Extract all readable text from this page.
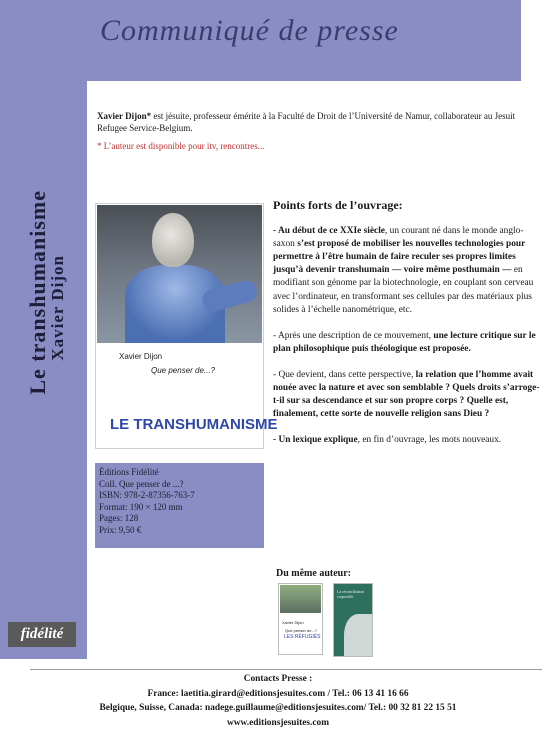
Communiqué de presse
Le transhumanisme
Xavier Dijon
fidélité
Xavier Dijon* est jésuite, professeur émérite à la Faculté de Droit de l’Université de Namur, collaborateur au Jesuit Refugee Service-Belgium.
* L’auteur est disponible pour itv, rencontres...
Xavier Dijon
Que penser de...?
LE TRANSHUMANISME
Éditions Fidélité
Coll. Que penser de ...?
ISBN: 978-2-87356-763-7
Format: 190 × 120 mm
Pages: 128
Prix: 9,50 €
Points forts de l’ouvrage:

- Au début de ce XXIe siècle, un courant né dans le monde anglo-saxon s’est proposé de mobiliser les nouvelles technologies pour permettre à l’être humain de faire reculer ses propres limites jusqu’à devenir transhumain — voire même posthumain — en modifiant son génome par la biotechnologie, en couplant son cerveau avec l’ordinateur, en transformant ses cellules par des matériaux plus solides à l’échelle nanométrique, etc.

- Après une description de ce mouvement, une lecture critique sur le plan philosophique puis théologique est proposée.

- Que devient, dans cette perspective, la relation que l’homme avait nouée avec la nature et avec son semblable ? Quels droits s’arroge-t-il sur sa descendance et sur son propre corps ? Quelle est, finalement, cette sorte de nouvelle religion sans Dieu ?

- Un lexique explique, en fin d’ouvrage, les mots nouveaux.

Du même auteur:
Xavier Dijon
Que penser de...?
LES RÉFUGIÉS
La réconciliation corporelle
Contacts Presse :
France: laetitia.girard@editionsjesuites.com / Tel.: 06 13 41 16 66
Belgique, Suisse, Canada: nadege.guillaume@editionsjesuites.com/ Tel.: 00 32 81 22 15 51
www.editionsjesuites.com
